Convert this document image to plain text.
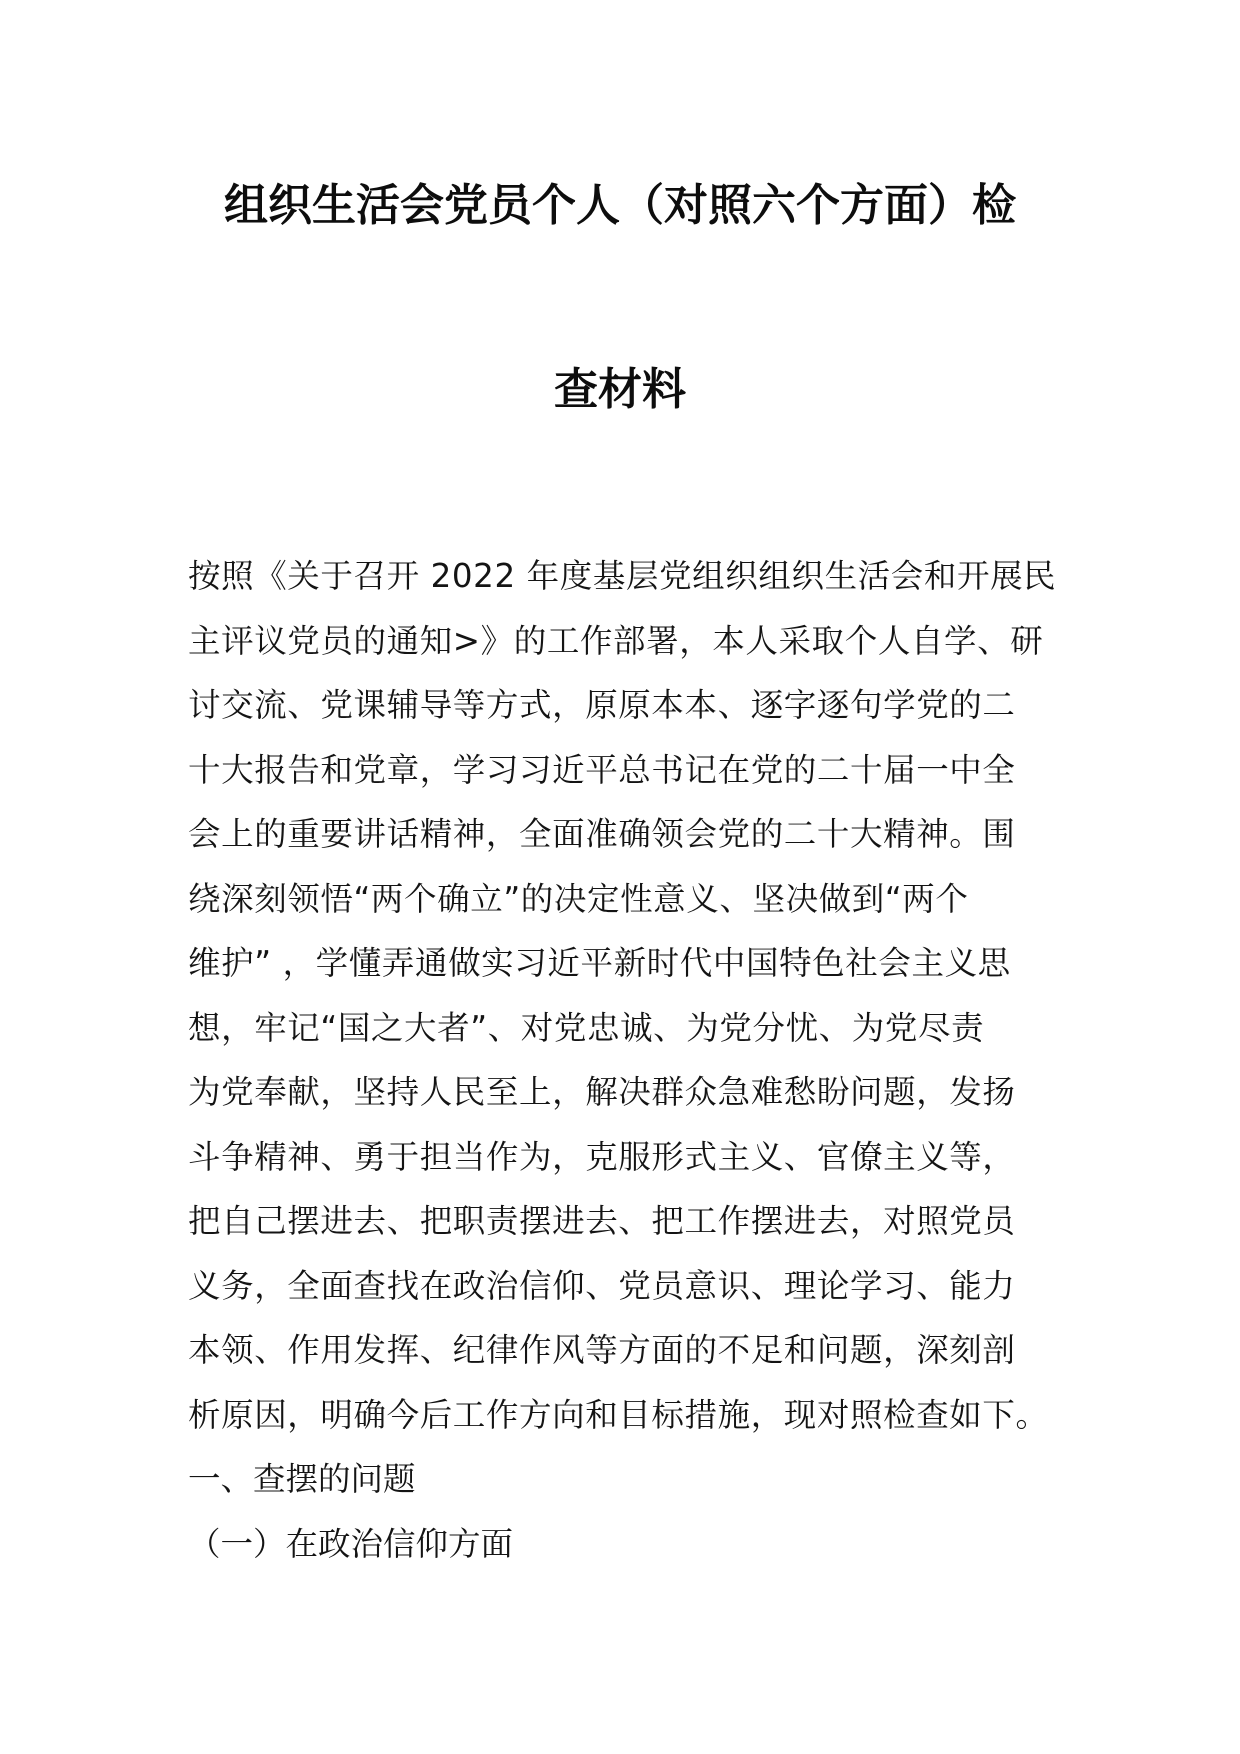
组织生活会党员个人（对照六个方面）检
查材料
按照《关于召开 2022 年度基层党组织组织生活会和开展民
主评议党员的通知>》的工作部署，本人采取个人自学、研
讨交流、党课辅导等方式，原原本本、逐字逐句学党的二
十大报告和党章，学习习近平总书记在党的二十届一中全
会上的重要讲话精神，全面准确领会党的二十大精神。围
绕深刻领悟“两个确立”的决定性意义、坚决做到“两个
维护” ，学懂弄通做实习近平新时代中国特色社会主义思
想，牢记“国之大者”、对党忠诚、为党分忧、为党尽责
为党奉献，坚持人民至上，解决群众急难愁盼问题，发扬
斗争精神、勇于担当作为，克服形式主义、官僚主义等，
把自己摆进去、把职责摆进去、把工作摆进去，对照党员
义务，全面查找在政治信仰、党员意识、理论学习、能力
本领、作用发挥、纪律作风等方面的不足和问题，深刻剖
析原因，明确今后工作方向和目标措施，现对照检查如下。
一、查摆的问题
（一）在政治信仰方面
